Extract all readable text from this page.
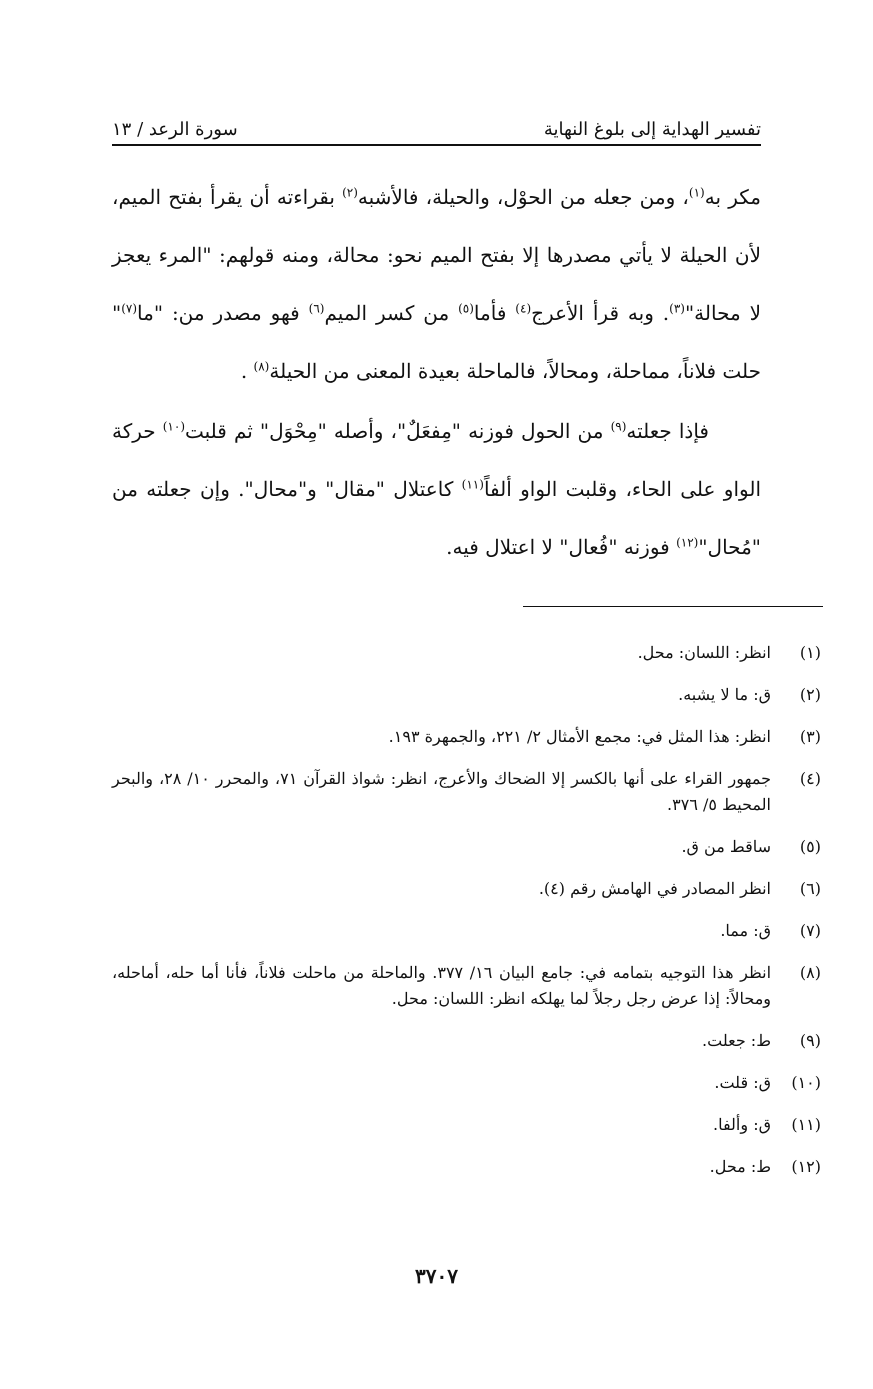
تفسير الهداية إلى بلوغ النهاية
سورة الرعد / ١٣

مكر به$^{(١)}$، ومن جعله من الحوْل، والحيلة، فالأشبه$^{(٢)}$ بقراءته أن يقرأ بفتح الميم، لأن الحيلة لا يأتي مصدرها إلا بفتح الميم نحو: محالة، ومنه قولهم: "المرء يعجز لا محالة"$^{(٣)}$. وبه قرأ الأعرج$^{(٤)}$ فأما$^{(٥)}$ من كسر الميم$^{(٦)}$ فهو مصدر من: "ما$^{(٧)}$" حلت فلاناً، مماحلة، ومحالاً، فالماحلة بعيدة المعنى من الحيلة$^{(٨)}$ .

فإذا جعلته$^{(٩)}$ من الحول فوزنه "مِفعَلٌ"، وأصله "مِحْوَل" ثم قلبت$^{(١٠)}$ حركة الواو على الحاء، وقلبت الواو ألفاً$^{(١١)}$ كاعتلال "مقال" و"محال". وإن جعلته من "مُحال"$^{(١٢)}$ فوزنه "فُعال" لا اعتلال فيه.

(١)
انظر: اللسان: محل.
(٢)
ق: ما لا يشبه.
(٣)
انظر: هذا المثل في: مجمع الأمثال ٢/ ٢٢١، والجمهرة ١٩٣.
(٤)
جمهور القراء على أنها بالكسر إلا الضحاك والأعرج، انظر: شواذ القرآن ٧١، والمحرر ١٠/ ٢٨، والبحر المحيط ٥/ ٣٧٦.
(٥)
ساقط من ق.
(٦)
انظر المصادر في الهامش رقم (٤).
(٧)
ق: مما.
(٨)
انظر هذا التوجيه بتمامه في: جامع البيان ١٦/ ٣٧٧. والماحلة من ماحلت فلاناً، فأنا أما حله، أماحله، ومحالاً: إذا عرض رجل رجلاً لما يهلكه انظر: اللسان: محل.
(٩)
ط: جعلت.
(١٠)
ق: قلت.
(١١)
ق: وألفا.
(١٢)
ط: محل.
٣٧٠٧
